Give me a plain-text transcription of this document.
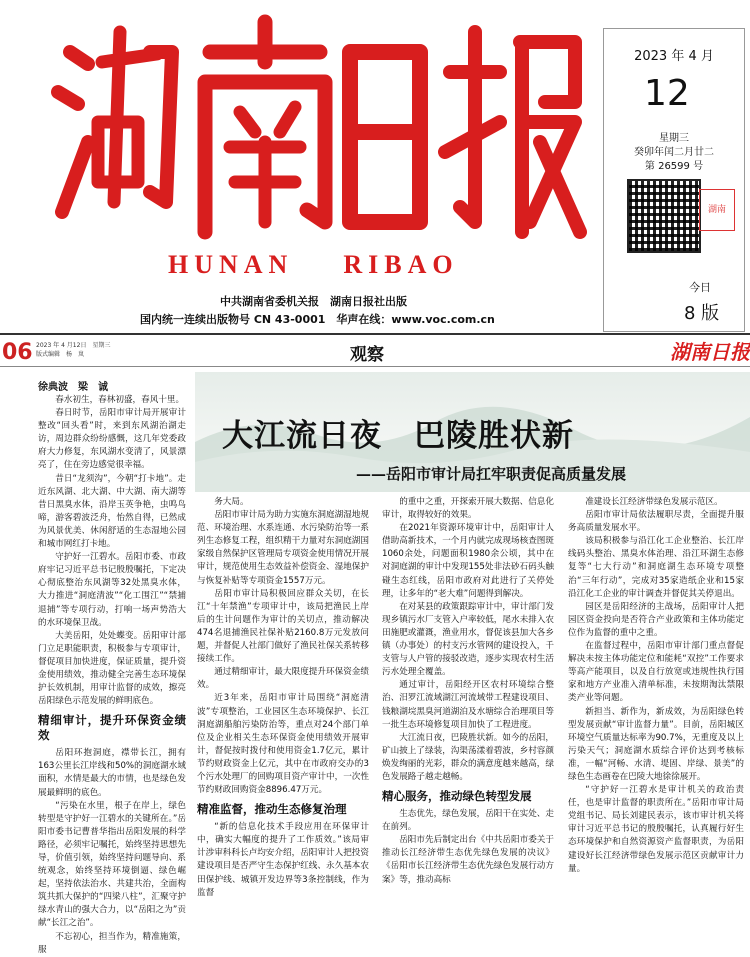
HUNAN    RIBAO
中共湖南省委机关报　湖南日报社出版
国内统一连续出版物号 CN 43-0001　华声在线：www.voc.com.cn
2023 年 4 月
12
星期三
癸卯年闰二月廿二
第 26599 号
湖南
今日
8 版
06 2023 年 4 月12日　星期三
版式编辑　杨　岚	观察	湖南日报
徐典波　梁　诚
大江流日夜　巴陵胜状新
——岳阳市审计局扛牢职责促高质量发展

春水初生，春林初盛，春风十里。

春日时节，岳阳市审计局开展审计整改“回头看”时，来到东风湖治湖走访，周边群众纷纷感慨，这几年党委政府大力修复，东风湖水变清了，风景漂亮了，住在旁边感觉很幸福。

昔日“龙须沟”，今朝“打卡地”。走近东风湖、北大湖、中大湖、南大湖等昔日黑臭水体，沿岸玉英争艳，虫鸣鸟啼，游客碧波泛舟，怡然自得，已然成为风景优美、休闲舒适的生态湿地公园和城市网红打卡地。

守护好一江碧水。岳阳市委、市政府牢记习近平总书记殷殷嘱托，下定决心彻底整治东风湖等32处黑臭水体，大力推进“洞庭清波”“化工围江”“禁捕退捕”等专项行动，打响一场声势浩大的水环境保卫战。

大美岳阳，处处蝶变。岳阳审计部门立足职能职责，积极参与专项审计，督促项目加快进度，保证质量，提升资金使用绩效，推动健全完善生态环境保护长效机制，用审计监督的成效，擦亮岳阳绿色示范发展的鲜明底色。

精细审计，提升环保资金绩效

岳阳环抱洞庭，襟带长江，拥有163公里长江岸线和50%的洞庭湖水域面积，水情是最大的市情，也是绿色发展最鲜明的底色。

“污染在水里，根子在岸上，绿色转型是守护好一江碧水的关键所在。”岳阳市委书记曹普华指出岳阳发展的科学路径，必须牢记嘱托，始终坚持思想先导，价值引领，始终坚持问题导向、系统观念，始终坚持环境倒逼、绿色崛起，坚持依法治水、共建共治，全面构筑共抓大保护的“四梁八柱”，汇聚守护绿水青山的强大合力，以“岳阳之为”贡献“长江之治”。

不忘初心，担当作为，精准施策，服

务大局。

岳阳市审计局为助力实施东洞庭湖湿地规范、环境治理、水系连通、水污染防治等一系列生态修复工程，组织精干力量对东洞庭湖国家级自然保护区管理局专项资金使用情况开展审计，规范使用生态效益补偿资金、湿地保护与恢复补贴等专项资金1557万元。

岳阳市审计局积极回应群众关切，在长江“十年禁渔”专项审计中，该局把渔民上岸后的生计问题作为审计的关切点，推动解决474名退捕渔民社保补贴2160.8万元发放问题，并督促人社部门做好了渔民社保关系转移接续工作。

通过精细审计，最大限度提升环保资金绩效。

近3年来，岳阳市审计局围绕“洞庭清波”专项整治，工业园区生态环境保护、长江洞庭湖船舶污染防治等，重点对24个部门单位及企业相关生态环保资金使用绩效开展审计，督促按时拨付和使用资金1.7亿元，累计节约财政资金上亿元，其中在市政府交办的3个污水处理厂的回购项目资产审计中，一次性节约财政回购资金8896.47万元。

精准监督，推动生态修复治理

“新的信息化技术手段应用在环保审计中，确实大幅度的提升了工作质效。”该局审计涉审科科长卢均安介绍，岳阳审计人把投资建设项目是否严守生态保护红线、永久基本农田保护线、城镇开发边界等3条控制线，作为监督

的重中之重，开探索开展大数据、信息化审计，取得较好的效果。

在2021年资源环境审计中，岳阳审计人借助高新技术，一个月内就完成现场核查图斑1060余处，问题面积1980余公顷，其中在对洞庭湖的审计中发现155处非法砂石码头触碰生态红线，岳阳市政府对此进行了关停处理，让多年的“老大难”问题得到解决。

在对某县的政策跟踪审计中，审计部门发现乡镇污水厂支管入户率较低，尾水未排入农田施肥或灌溉，渔业用水，督促该县加大各乡镇（办事处）的村支污水管网的建设投入，千支管与人户管的接驳改造，逐步实现农村生活污水处理全覆盖。

通过审计，岳阳经开区农村环境综合整治、汨罗江流域湖江河流域带工程建设项目、钱粮湖垸黑臭河道湖泊及水塘综合治理项目等一批生态环境修复项目加快了工程进度。

大江流日夜，巴陵胜状新。如今的岳阳，矿山披上了绿装，沟渠荡漾着碧波，乡村容颜焕发绚丽的光彩，群众的满意度越来越高，绿色发展路子越走越畅。

精心服务，推动绿色转型发展

生态优先，绿色发展，岳阳干在实处、走在前列。

岳阳市先后制定出台《中共岳阳市委关于推动长江经济带生态优先绿色发展的决议》《岳阳市长江经济带生态优先绿色发展行动方案》等，推动高标

准建设长江经济带绿色发展示范区。

岳阳市审计局依法履职尽责，全面提升服务高质量发展水平。

该局积极参与沿江化工企业整治、长江岸线码头整治、黑臭水体治理、沿江环湖生态修复等“七大行动”和洞庭湖生态环境专项整治“三年行动”，完成对35家造纸企业和15家沿江化工企业的审计调查并督促其关停退出。

园区是岳阳经济的主战场，岳阳审计人把园区资金投向是否符合产业政策和主体功能定位作为监督的重中之重。

在监督过程中，岳阳市审计部门重点督促解决未按主体功能定位和能耗“双控”工作要求等高产能项目，以及自行放宽或违规性执行国家和地方产业准入清单标准，未按期淘汰禁限类产业等问题。

新担当、新作为，新成效，为岳阳绿色转型发展贡献“审计监督力量”。目前，岳阳城区环境空气质量达标率为90.7%，无重度及以上污染天气；洞庭湖水质综合评价达到考核标准，一幅“河畅、水清、堤固、岸绿、景美”的绿色生态画卷在巴陵大地徐徐展开。

“守护好一江碧水是审计机关的政治责任，也是审计监督的职责所在。”岳阳市审计局党组书记、局长刘建民表示，该市审计机关将审计习近平总书记的殷殷嘱托，认真履行好生态环境保护和自然资源资产监督职责，为岳阳建设好长江经济带绿色发展示范区贡献审计力量。
